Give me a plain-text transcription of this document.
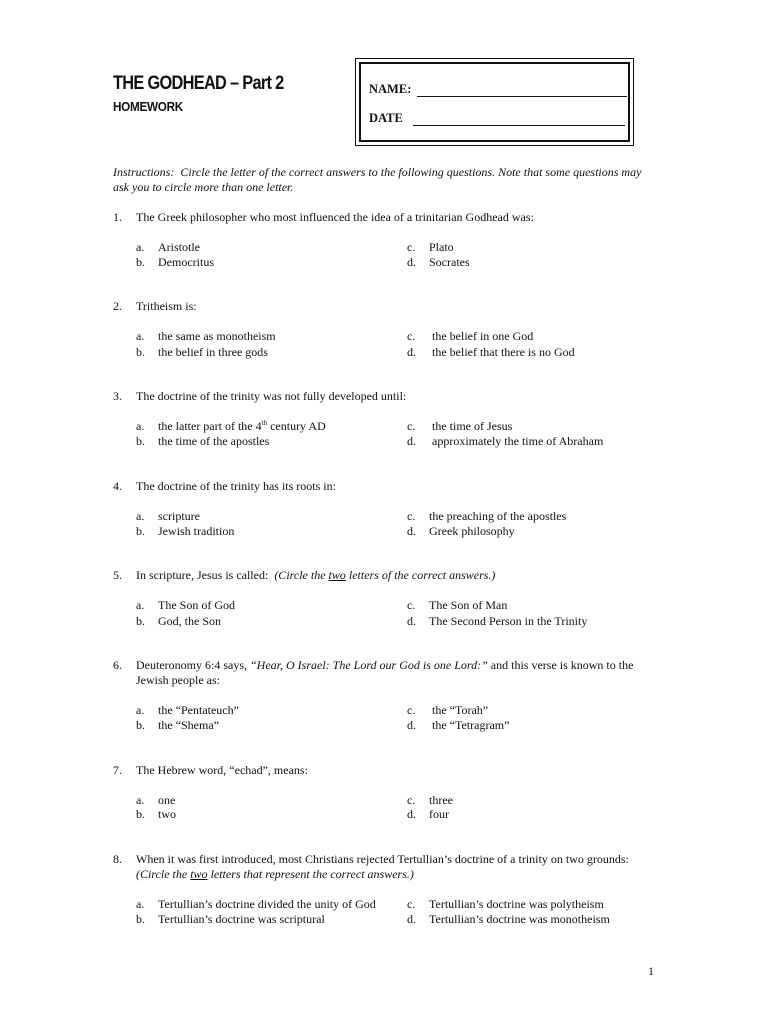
THE GODHEAD – Part 2
HOMEWORK
NAME:
DATE
Instructions: Circle the letter of the correct answers to the following questions. Note that some questions may ask you to circle more than one letter.
1.	The Greek philosopher who most influenced the idea of a trinitarian Godhead was:
a. Aristotle
b. Democritus
c. Plato
d. Socrates
2.	Tritheism is:
a. the same as monotheism
b. the belief in three gods
c. the belief in one God
d. the belief that there is no God
3.	The doctrine of the trinity was not fully developed until:
a. the latter part of the 4th century AD
b. the time of the apostles
c. the time of Jesus
d. approximately the time of Abraham
4.	The doctrine of the trinity has its roots in:
a. scripture
b. Jewish tradition
c. the preaching of the apostles
d. Greek philosophy
5.	In scripture, Jesus is called: (Circle the two letters of the correct answers.)
a. The Son of God
b. God, the Son
c. The Son of Man
d. The Second Person in the Trinity
6.	Deuteronomy 6:4 says, “Hear, O Israel: The Lord our God is one Lord:” and this verse is known to the Jewish people as:
a. the “Pentateuch”
b. the “Shema”
c. the “Torah”
d. the “Tetragram”
7.	The Hebrew word, “echad”, means:
a. one
b. two
c. three
d. four
8.	When it was first introduced, most Christians rejected Tertullian’s doctrine of a trinity on two grounds:
(Circle the two letters that represent the correct answers.)
a. Tertullian’s doctrine divided the unity of God
b. Tertullian’s doctrine was scriptural
c. Tertullian’s doctrine was polytheism
d. Tertullian’s doctrine was monotheism
1
